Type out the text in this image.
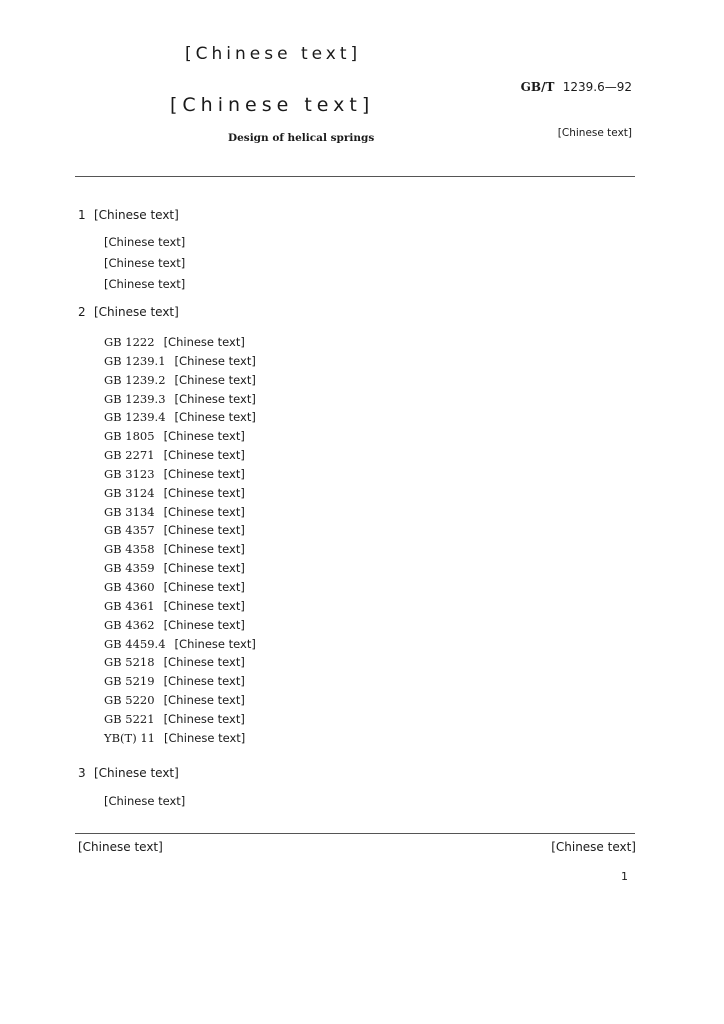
[Chinese text]
GB/T 1239.6—92
[Chinese text]
Design of helical springs	[Chinese text]
1 [Chinese text]
[Chinese text]
[Chinese text]
[Chinese text]
2 [Chinese text]
GB 1222 [Chinese text]
GB 1239.1 [Chinese text]
GB 1239.2 [Chinese text]
GB 1239.3 [Chinese text]
GB 1239.4 [Chinese text]
GB 1805 [Chinese text]
GB 2271 [Chinese text]
GB 3123 [Chinese text]
GB 3124 [Chinese text]
GB 3134 [Chinese text]
GB 4357 [Chinese text]
GB 4358 [Chinese text]
GB 4359 [Chinese text]
GB 4360 [Chinese text]
GB 4361 [Chinese text]
GB 4362 [Chinese text]
GB 4459.4 [Chinese text]
GB 5218 [Chinese text]
GB 5219 [Chinese text]
GB 5220 [Chinese text]
GB 5221 [Chinese text]
YB(T) 11 [Chinese text]
3 [Chinese text]
[Chinese text]
[Chinese text]	[Chinese text]
1
